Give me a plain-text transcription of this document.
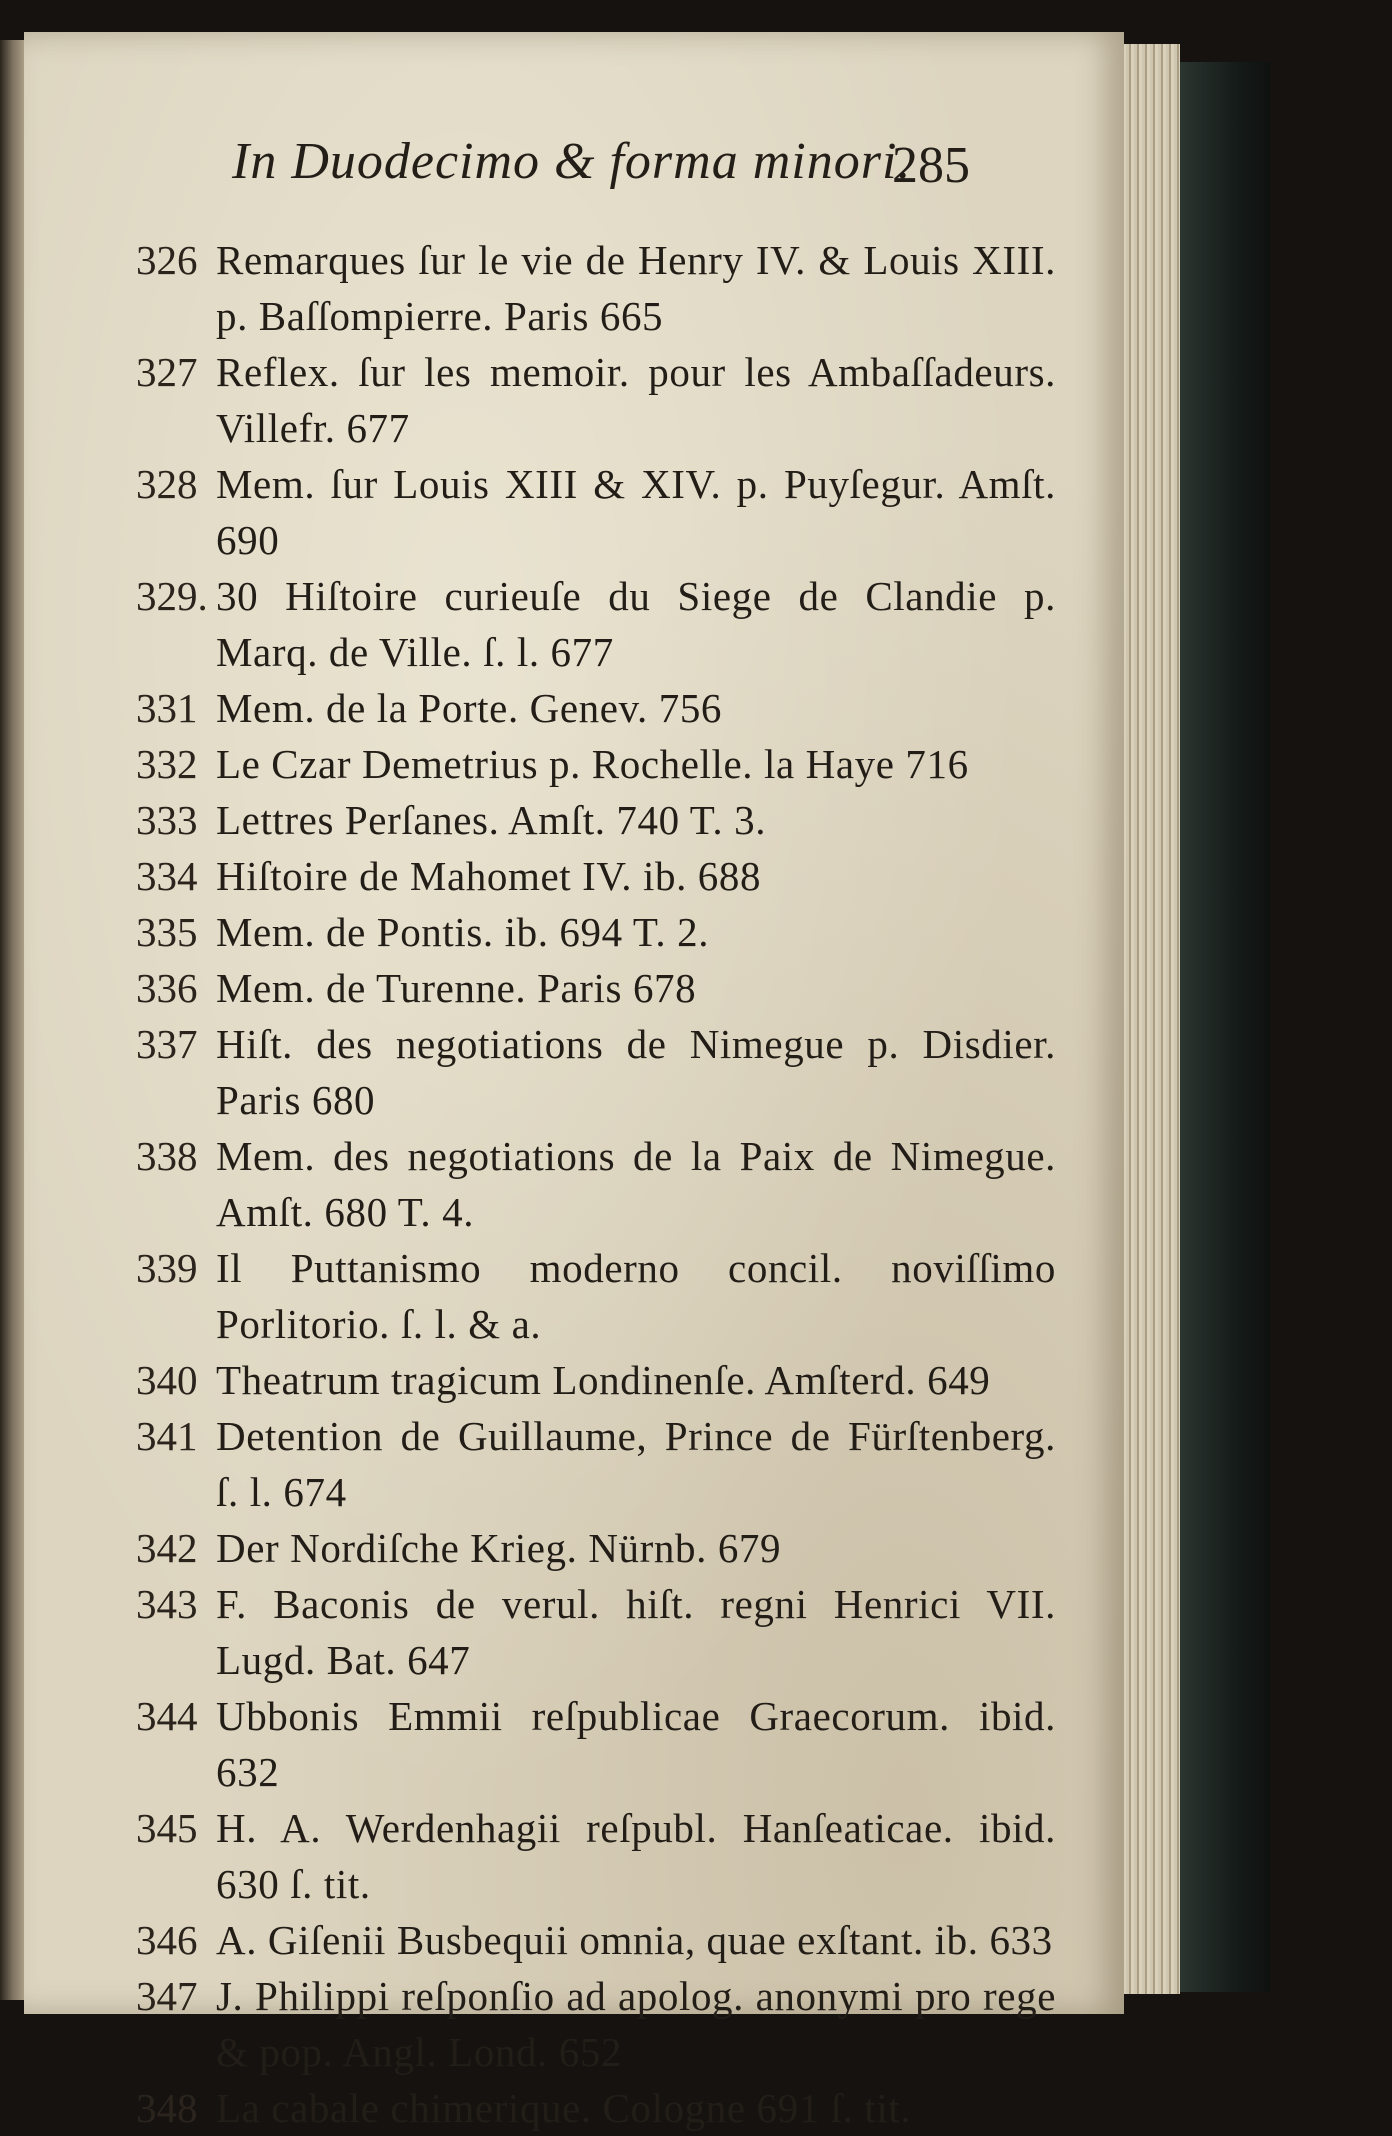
In Duodecimo & forma minori.
285
326 Remarques ſur le vie de Henry IV. & Louis XIII. p. Baſſompierre. Paris 665
327 Reflex. ſur les memoir. pour les Ambaſſadeurs. Villefr. 677
328 Mem. ſur Louis XIII & XIV. p. Puyſegur. Amſt. 690
329. 30 Hiſtoire curieuſe du Siege de Clandie p. Marq. de Ville. ſ. l. 677
331 Mem. de la Porte. Genev. 756
332 Le Czar Demetrius p. Rochelle. la Haye 716
333 Lettres Perſanes. Amſt. 740 T. 3.
334 Hiſtoire de Mahomet IV. ib. 688
335 Mem. de Pontis. ib. 694 T. 2.
336 Mem. de Turenne. Paris 678
337 Hiſt. des negotiations de Nimegue p. Disdier. Paris 680
338 Mem. des negotiations de la Paix de Nimegue. Amſt. 680 T. 4.
339 Il Puttanismo moderno concil. noviſſimo Porlitorio. ſ. l. & a.
340 Theatrum tragicum Londinenſe. Amſterd. 649
341 Detention de Guillaume, Prince de Fürſtenberg. ſ. l. 674
342 Der Nordiſche Krieg. Nürnb. 679
343 F. Baconis de verul. hiſt. regni Henrici VII. Lugd. Bat. 647
344 Ubbonis Emmii reſpublicae Graecorum. ibid. 632
345 H. A. Werdenhagii reſpubl. Hanſeaticae. ibid. 630 ſ. tit.
346 A. Giſenii Busbequii omnia, quae exſtant. ib. 633
347 J. Philippi reſponſio ad apolog. anonymi pro rege & pop. Angl. Lond. 652
348 La cabale chimerique. Cologne 691 ſ. tit.
